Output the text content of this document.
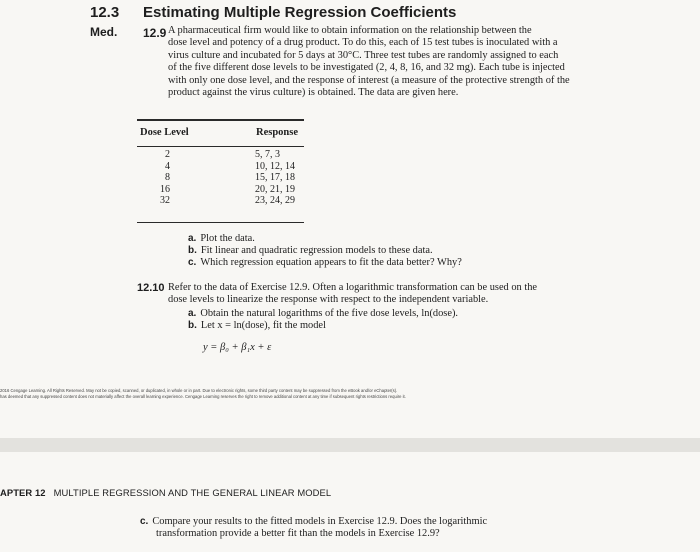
12.3 Estimating Multiple Regression Coefficients
Med. 12.9 A pharmaceutical firm would like to obtain information on the relationship between the
dose level and potency of a drug product. To do this, each of 15 test tubes is inoculated with a
virus culture and incubated for 5 days at 30°C. Three test tubes are randomly assigned to each
of the five different dose levels to be investigated (2, 4, 8, 16, and 32 mg). Each tube is injected
with only one dose level, and the response of interest (a measure of the protective strength of the
product against the virus culture) is obtained. The data are given here.
Dose Level	Response
2
4
8
16
32
5, 7, 3
10, 12, 14
15, 17, 18
20, 21, 19
23, 24, 29
a. Plot the data.
b. Fit linear and quadratic regression models to these data.
c. Which regression equation appears to fit the data better? Why?
12.10 Refer to the data of Exercise 12.9. Often a logarithmic transformation can be used on the
dose levels to linearize the response with respect to the independent variable.
a. Obtain the natural logarithms of the five dose levels, ln(dose).
b. Let x = ln(dose), fit the model
y = β₀ + β₁x + ε
2016 Cengage Learning. All Rights Reserved. May not be copied, scanned, or duplicated, in whole or in part. Due to electronic rights, some third party content may be suppressed from the eBook and/or eChapter(s).
has deemed that any suppressed content does not materially affect the overall learning experience. Cengage Learning reserves the right to remove additional content at any time if subsequent rights restrictions require it.
APTER 12 MULTIPLE REGRESSION AND THE GENERAL LINEAR MODEL
c. Compare your results to the fitted models in Exercise 12.9. Does the logarithmic
transformation provide a better fit than the models in Exercise 12.9?
